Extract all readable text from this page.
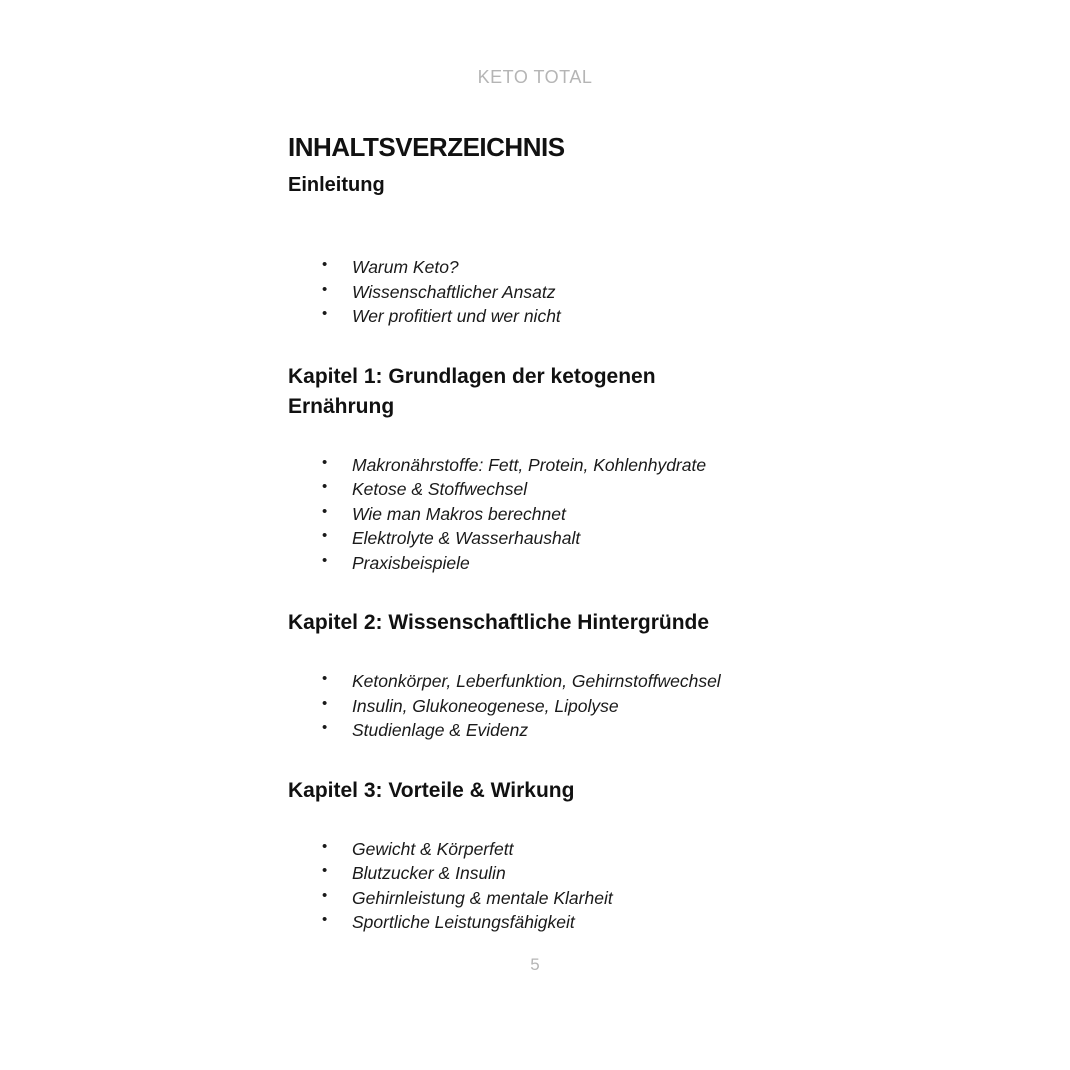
KETO TOTAL
INHALTSVERZEICHNIS
Einleitung
• Warum Keto?
• Wissenschaftlicher Ansatz
• Wer profitiert und wer nicht
Kapitel 1: Grundlagen der ketogenen Ernährung
• Makronährstoffe: Fett, Protein, Kohlenhydrate
• Ketose & Stoffwechsel
• Wie man Makros berechnet
• Elektrolyte & Wasserhaushalt
• Praxisbeispiele
Kapitel 2: Wissenschaftliche Hintergründe
• Ketonkörper, Leberfunktion, Gehirnstoffwechsel
• Insulin, Glukoneogenese, Lipolyse
• Studienlage & Evidenz
Kapitel 3: Vorteile & Wirkung
• Gewicht & Körperfett
• Blutzucker & Insulin
• Gehirnleistung & mentale Klarheit
• Sportliche Leistungsfähigkeit
5
